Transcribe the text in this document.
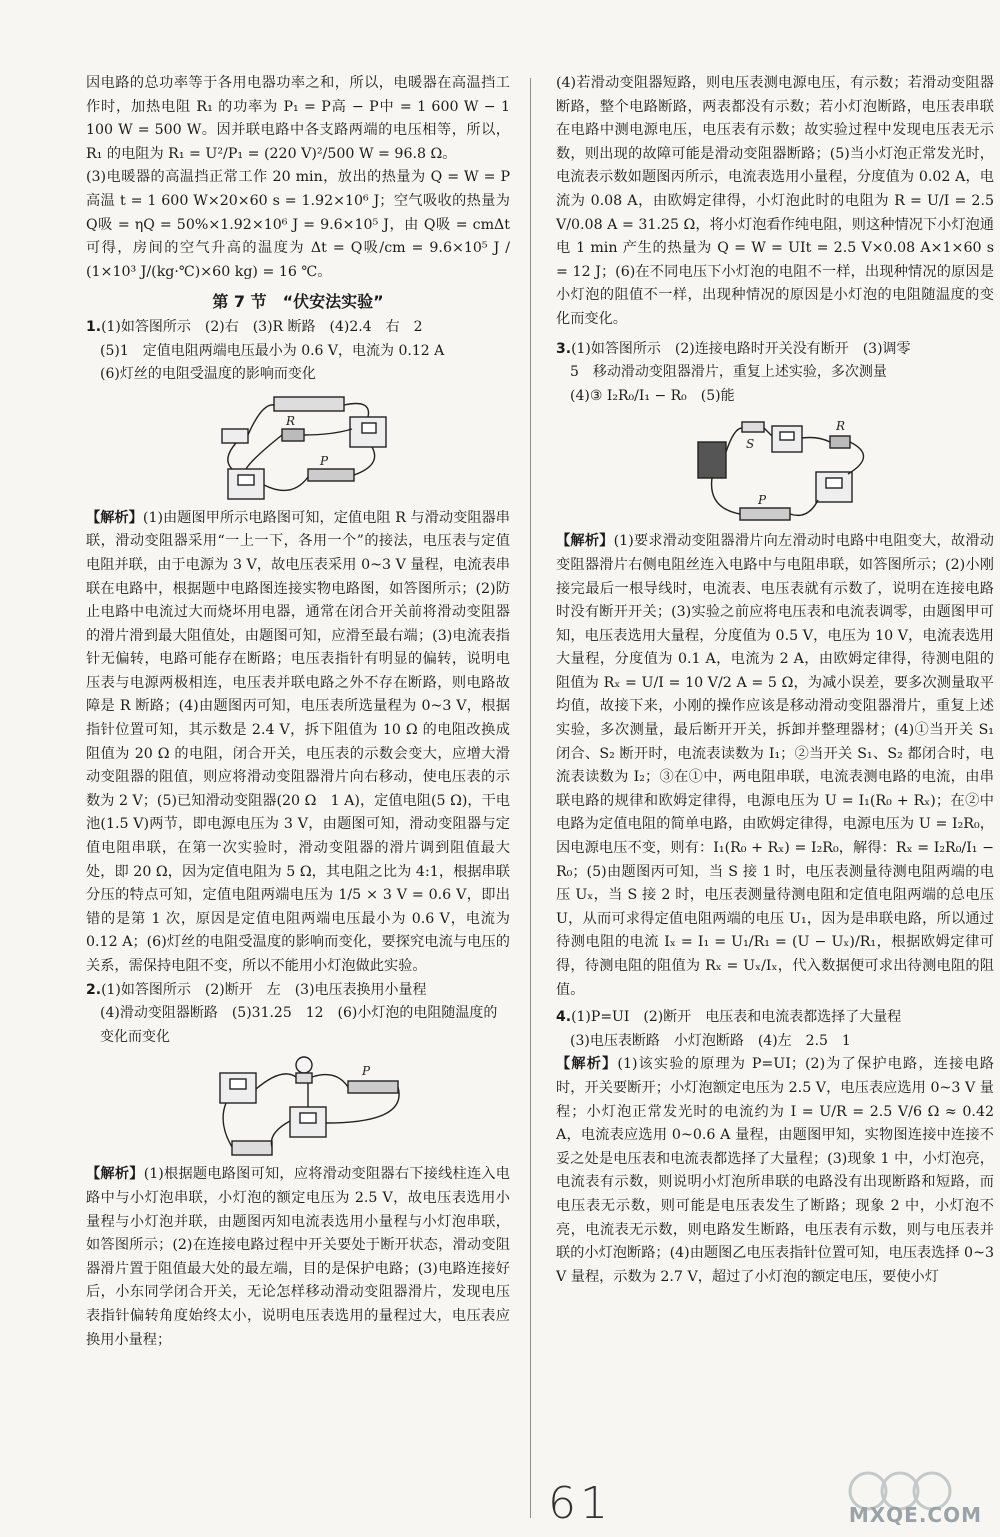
因电路的总功率等于各用电器功率之和，所以，电暖器在高温挡工作时，加热电阻 R₁ 的功率为 P₁ = P高 − P中 = 1 600 W − 1 100 W = 500 W。因并联电路中各支路两端的电压相等，所以，R₁ 的电阻为 R₁ = U²/P₁ = (220 V)²/500 W = 96.8 Ω。

(3)电暖器的高温挡正常工作 20 min，放出的热量为 Q = W = P高温 t = 1 600 W×20×60 s = 1.92×10⁶ J；空气吸收的热量为 Q吸 = ηQ = 50%×1.92×10⁶ J = 9.6×10⁵ J，由 Q吸 = cmΔt 可得，房间的空气升高的温度为 Δt = Q吸/cm = 9.6×10⁵ J / (1×10³ J/(kg·℃)×60 kg) = 16 ℃。

第 7 节　“伏安法实验”

1.(1)如答图所示　(2)右　(3)R 断路　(4)2.4　右　2

(5)1　定值电阻两端电压最小为 0.6 V，电流为 0.12 A

(6)灯丝的电阻受温度的影响而变化

R
P

【解析】(1)由题图甲所示电路图可知，定值电阻 R 与滑动变阻器串联，滑动变阻器采用“一上一下，各用一个”的接法，电压表与定值电阻并联，由于电源为 3 V，故电压表采用 0~3 V 量程，电流表串联在电路中，根据题中电路图连接实物电路图，如答图所示；(2)防止电路中电流过大而烧坏用电器，通常在闭合开关前将滑动变阻器的滑片滑到最大阻值处，由题图可知，应滑至最右端；(3)电流表指针无偏转，电路可能存在断路；电压表指针有明显的偏转，说明电压表与电源两极相连，电压表并联电路之外不存在断路，则电路故障是 R 断路；(4)由题图丙可知，电压表所选量程为 0~3 V，根据指针位置可知，其示数是 2.4 V，拆下阻值为 10 Ω 的电阻改换成阻值为 20 Ω 的电阻，闭合开关，电压表的示数会变大，应增大滑动变阻器的阻值，则应将滑动变阻器滑片向右移动，使电压表的示数为 2 V；(5)已知滑动变阻器(20 Ω　1 A)，定值电阻(5 Ω)，干电池(1.5 V)两节，即电源电压为 3 V，由题图可知，滑动变阻器与定值电阻串联，在第一次实验时，滑动变阻器的滑片调到阻值最大处，即 20 Ω，因为定值电阻为 5 Ω，其电阻之比为 4:1，根据串联分压的特点可知，定值电阻两端电压为 1/5 × 3 V = 0.6 V，即出错的是第 1 次，原因是定值电阻两端电压最小为 0.6 V，电流为 0.12 A；(6)灯丝的电阻受温度的影响而变化，要探究电流与电压的关系，需保持电阻不变，所以不能用小灯泡做此实验。

2.(1)如答图所示　(2)断开　左　(3)电压表换用小量程

(4)滑动变阻器断路　(5)31.25　12　(6)小灯泡的电阻随温度的变化而变化

P

【解析】(1)根据题电路图可知，应将滑动变阻器右下接线柱连入电路中与小灯泡串联，小灯泡的额定电压为 2.5 V，故电压表选用小量程与小灯泡并联，由题图丙知电流表选用小量程与小灯泡串联，如答图所示；(2)在连接电路过程中开关要处于断开状态，滑动变阻器滑片置于阻值最大处的最左端，目的是保护电路；(3)电路连接好后，小东同学闭合开关，无论怎样移动滑动变阻器滑片，发现电压表指针偏转角度始终太小，说明电压表选用的量程过大，电压表应换用小量程；

(4)若滑动变阻器短路，则电压表测电源电压，有示数；若滑动变阻器断路，整个电路断路，两表都没有示数；若小灯泡断路，电压表串联在电路中测电源电压，电压表有示数；故实验过程中发现电压表无示数，则出现的故障可能是滑动变阻器断路；(5)当小灯泡正常发光时，电流表示数如题图丙所示，电流表选用小量程，分度值为 0.02 A，电流为 0.08 A，由欧姆定律得，小灯泡此时的电阻为 R = U/I = 2.5 V/0.08 A = 31.25 Ω，将小灯泡看作纯电阻，则这种情况下小灯泡通电 1 min 产生的热量为 Q = W = UIt = 2.5 V×0.08 A×1×60 s = 12 J；(6)在不同电压下小灯泡的电阻不一样，出现种情况的原因是小灯泡的阻值不一样，出现种情况的原因是小灯泡的电阻随温度的变化而变化。

3.(1)如答图所示　(2)连接电路时开关没有断开　(3)调零

5　移动滑动变阻器滑片，重复上述实验，多次测量

(4)③ I₂R₀/I₁ − R₀　(5)能

S
R
P

【解析】(1)要求滑动变阻器滑片向左滑动时电路中电阻变大，故滑动变阻器滑片右侧电阻丝连入电路中与电阻串联，如答图所示；(2)小刚接完最后一根导线时，电流表、电压表就有示数了，说明在连接电路时没有断开开关；(3)实验之前应将电压表和电流表调零，由题图甲可知，电压表选用大量程，分度值为 0.5 V，电压为 10 V，电流表选用大量程，分度值为 0.1 A，电流为 2 A，由欧姆定律得，待测电阻的阻值为 Rₓ = U/I = 10 V/2 A = 5 Ω，为减小误差，要多次测量取平均值，故接下来，小刚的操作应该是移动滑动变阻器滑片，重复上述实验，多次测量，最后断开开关，拆卸并整理器材；(4)①当开关 S₁ 闭合、S₂ 断开时，电流表读数为 I₁；②当开关 S₁、S₂ 都闭合时，电流表读数为 I₂；③在①中，两电阻串联，电流表测电路的电流，由串联电路的规律和欧姆定律得，电源电压为 U = I₁(R₀ + Rₓ)；在②中电路为定值电阻的简单电路，由欧姆定律得，电源电压为 U = I₂R₀，因电源电压不变，则有：I₁(R₀ + Rₓ) = I₂R₀，解得：Rₓ = I₂R₀/I₁ − R₀；(5)由题图丙可知，当 S 接 1 时，电压表测量待测电阻两端的电压 Uₓ，当 S 接 2 时，电压表测量待测电阻和定值电阻两端的总电压 U，从而可求得定值电阻两端的电压 U₁，因为是串联电路，所以通过待测电阻的电流 Iₓ = I₁ = U₁/R₁ = (U − Uₓ)/R₁，根据欧姆定律可得，待测电阻的阻值为 Rₓ = Uₓ/Iₓ，代入数据便可求出待测电阻的阻值。

4.(1)P=UI　(2)断开　电压表和电流表都选择了大量程

(3)电压表断路　小灯泡断路　(4)左　2.5　1

【解析】(1)该实验的原理为 P=UI；(2)为了保护电路，连接电路时，开关要断开；小灯泡额定电压为 2.5 V，电压表应选用 0~3 V 量程；小灯泡正常发光时的电流约为 I = U/R = 2.5 V/6 Ω ≈ 0.42 A，电流表应选用 0~0.6 A 量程，由题图甲知，实物图连接中连接不妥之处是电压表和电流表都选择了大量程；(3)现象 1 中，小灯泡亮，电流表有示数，则说明小灯泡所串联的电路没有出现断路和短路，而电压表无示数，则可能是电压表发生了断路；现象 2 中，小灯泡不亮，电流表无示数，则电路发生断路，电压表有示数，则与电压表并联的小灯泡断路；(4)由题图乙电压表指针位置可知，电压表选择 0~3 V 量程，示数为 2.7 V，超过了小灯泡的额定电压，要使小灯

61	MXQE.COM
